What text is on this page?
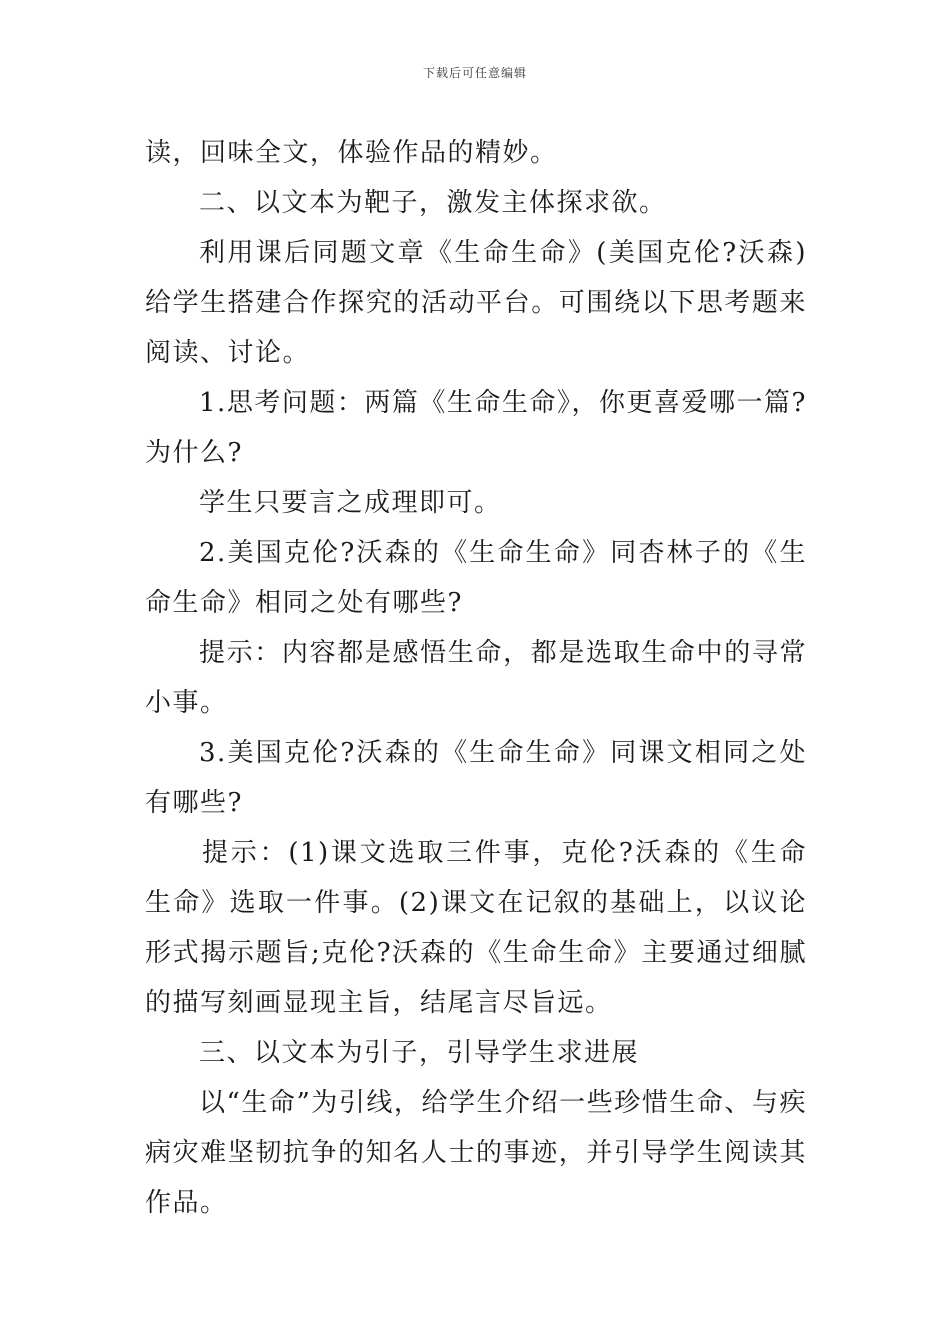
下载后可任意编辑

读，回味全文，体验作品的精妙。

二、以文本为靶子，激发主体探求欲。

利用课后同题文章《生命生命》(美国克伦?沃森)给学生搭建合作探究的活动平台。可围绕以下思考题来阅读、讨论。

1.思考问题：两篇《生命生命》，你更喜爱哪一篇?为什么?

学生只要言之成理即可。

2.美国克伦?沃森的《生命生命》同杏林子的《生命生命》相同之处有哪些?

提示：内容都是感悟生命，都是选取生命中的寻常小事。

3.美国克伦?沃森的《生命生命》同课文相同之处有哪些?

提示：(1)课文选取三件事，克伦?沃森的《生命生命》选取一件事。(2)课文在记叙的基础上，以议论形式揭示题旨;克伦?沃森的《生命生命》主要通过细腻的描写刻画显现主旨，结尾言尽旨远。

三、以文本为引子，引导学生求进展

以“生命”为引线，给学生介绍一些珍惜生命、与疾病灾难坚韧抗争的知名人士的事迹，并引导学生阅读其作品。
